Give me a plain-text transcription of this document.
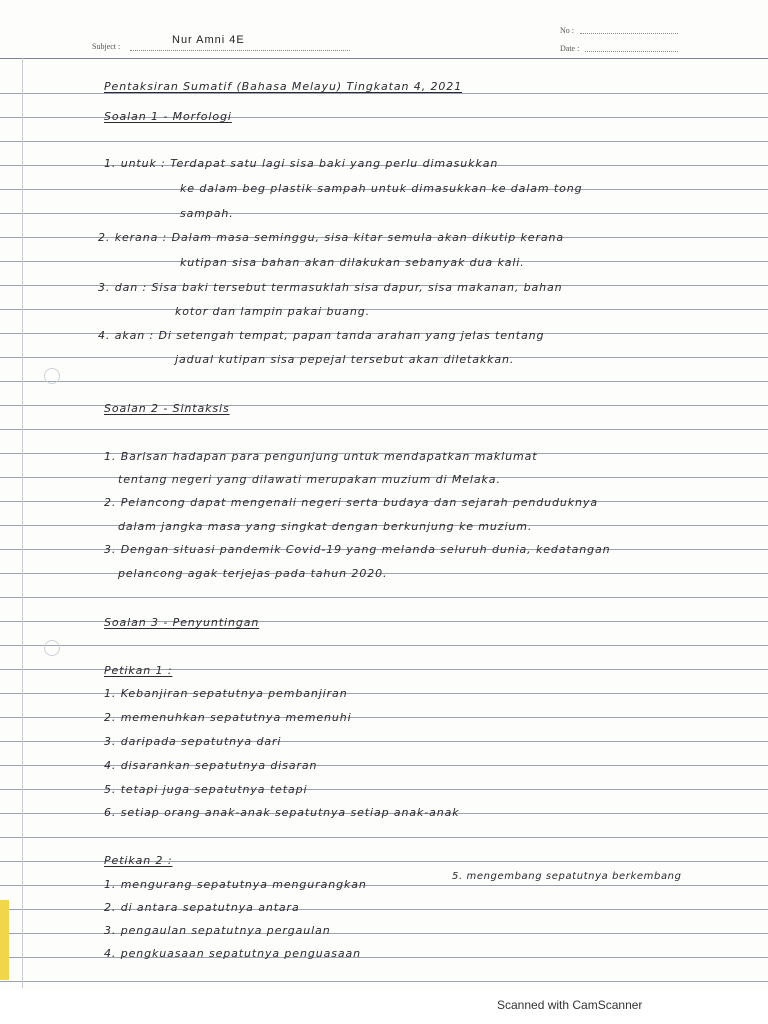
Subject :
Nur Amni 4E
No :
Date :
Pentaksiran Sumatif (Bahasa Melayu) Tingkatan 4, 2021
Soalan 1 - Morfologi
1. untuk : Terdapat satu lagi sisa baki yang perlu dimasukkan
ke dalam beg plastik sampah untuk dimasukkan ke dalam tong
sampah.
2. kerana : Dalam masa seminggu, sisa kitar semula akan dikutip kerana
kutipan sisa bahan akan dilakukan sebanyak dua kali.
3. dan : Sisa baki tersebut termasuklah sisa dapur, sisa makanan, bahan
kotor dan lampin pakai buang.
4. akan : Di setengah tempat, papan tanda arahan yang jelas tentang
jadual kutipan sisa pepejal tersebut akan diletakkan.
Soalan 2 - Sintaksis
1. Barisan hadapan para pengunjung untuk mendapatkan maklumat
tentang negeri yang dilawati merupakan muzium di Melaka.
2. Pelancong dapat mengenali negeri serta budaya dan sejarah penduduknya
dalam jangka masa yang singkat dengan berkunjung ke muzium.
3. Dengan situasi pandemik Covid-19 yang melanda seluruh dunia, kedatangan
pelancong agak terjejas pada tahun 2020.
Soalan 3 - Penyuntingan
Petikan 1 :
1. Kebanjiran sepatutnya pembanjiran
2. memenuhkan sepatutnya memenuhi
3. daripada sepatutnya dari
4. disarankan sepatutnya disaran
5. tetapi juga sepatutnya tetapi
6. setiap orang anak-anak sepatutnya setiap anak-anak
Petikan 2 :
1. mengurang sepatutnya mengurangkan
2. di antara sepatutnya antara
3. pengaulan sepatutnya pergaulan
4. pengkuasaan sepatutnya penguasaan
5. mengembang sepatutnya berkembang
Scanned with CamScanner
